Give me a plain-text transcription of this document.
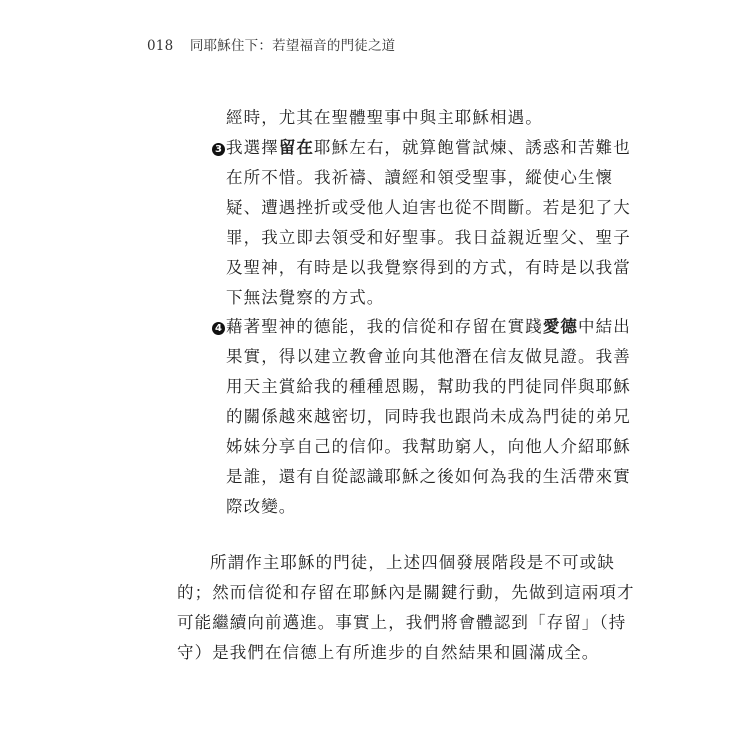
018 同耶穌住下：若望福音的門徒之道
經時，尤其在聖體聖事中與主耶穌相遇。
3 我選擇留在耶穌左右，就算飽嘗試煉、誘惑和苦難也
在所不惜。我祈禱、讀經和領受聖事，縱使心生懷
疑、遭遇挫折或受他人迫害也從不間斷。若是犯了大
罪，我立即去領受和好聖事。我日益親近聖父、聖子
及聖神，有時是以我覺察得到的方式，有時是以我當
下無法覺察的方式。
4 藉著聖神的德能，我的信從和存留在實踐愛德中結出
果實，得以建立教會並向其他潛在信友做見證。我善
用天主賞給我的種種恩賜，幫助我的門徒同伴與耶穌
的關係越來越密切，同時我也跟尚未成為門徒的弟兄
姊妹分享自己的信仰。我幫助窮人，向他人介紹耶穌
是誰，還有自從認識耶穌之後如何為我的生活帶來實
際改變。
所謂作主耶穌的門徒，上述四個發展階段是不可或缺
的；然而信從和存留在耶穌內是關鍵行動，先做到這兩項才
可能繼續向前邁進。事實上，我們將會體認到「存留」（持
守）是我們在信德上有所進步的自然結果和圓滿成全。
